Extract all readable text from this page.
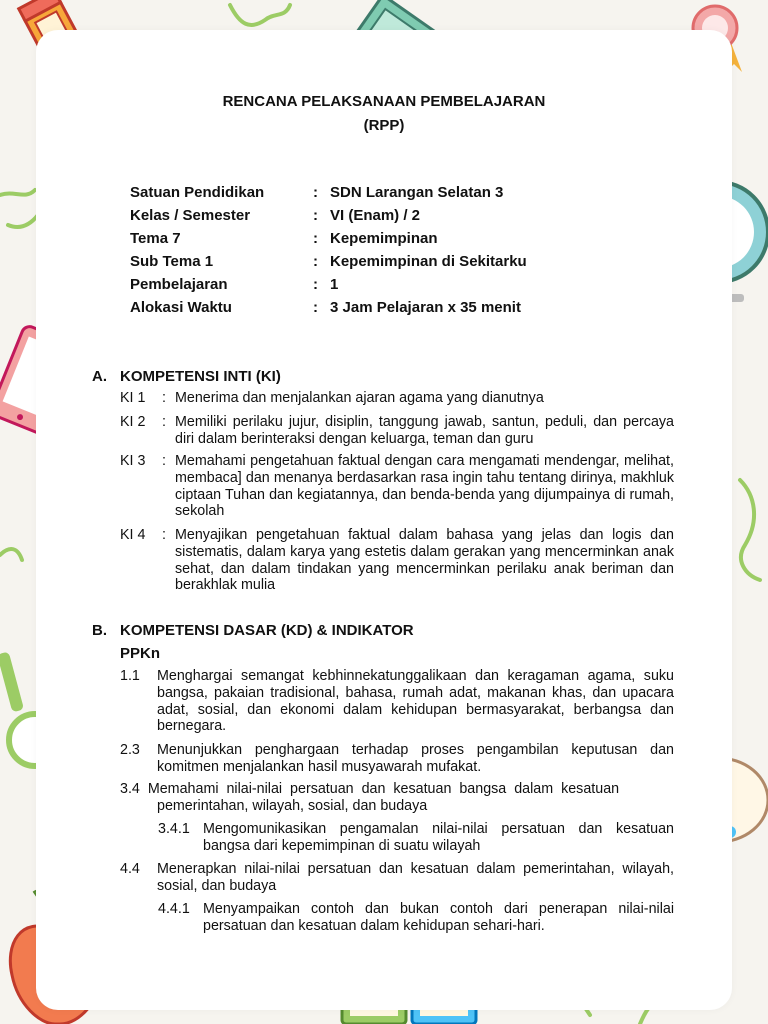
RENCANA PELAKSANAAN PEMBELAJARAN
(RPP)
Satuan Pendidikan	: SDN Larangan Selatan 3
Kelas / Semester	: VI (Enam) / 2
Tema 7	: Kepemimpinan
Sub Tema 1	: Kepemimpinan di Sekitarku
Pembelajaran	: 1
Alokasi Waktu	: 3 Jam Pelajaran x 35 menit
A. KOMPETENSI INTI (KI)
KI 1 : Menerima dan menjalankan ajaran agama yang dianutnya
KI 2 : Memiliki perilaku jujur, disiplin, tanggung jawab, santun, peduli, dan percaya diri dalam berinteraksi dengan keluarga, teman dan guru
KI 3 : Memahami pengetahuan faktual dengan cara mengamati mendengar, melihat, membaca] dan menanya berdasarkan rasa ingin tahu tentang dirinya, makhluk ciptaan Tuhan dan kegiatannya, dan benda-benda yang dijumpainya di rumah, sekolah
KI 4 : Menyajikan pengetahuan faktual dalam bahasa yang jelas dan logis dan sistematis, dalam karya yang estetis dalam gerakan yang mencerminkan anak sehat, dan dalam tindakan yang mencerminkan perilaku anak beriman dan berakhlak mulia
B. KOMPETENSI DASAR (KD) & INDIKATOR
PPKn
1.1 Menghargai semangat kebhinnekatunggalikaan dan keragaman agama, suku bangsa, pakaian tradisional, bahasa, rumah adat, makanan khas, dan upacara adat, sosial, dan ekonomi dalam kehidupan bermasyarakat, berbangsa dan bernegara.
2.3 Menunjukkan penghargaan terhadap proses pengambilan keputusan dan komitmen menjalankan hasil musyawarah mufakat.
3.4  Memahami  nilai-nilai  persatuan  dan  kesatuan  bangsa  dalam  kesatuan
pemerintahan, wilayah, sosial, dan budaya
3.4.1 Mengomunikasikan pengamalan nilai-nilai persatuan dan kesatuan bangsa dari kepemimpinan di suatu wilayah
4.4 Menerapkan nilai-nilai persatuan dan kesatuan dalam pemerintahan, wilayah, sosial, dan budaya
4.4.1 Menyampaikan contoh dan bukan contoh dari penerapan nilai-nilai persatuan dan kesatuan dalam kehidupan sehari-hari.
